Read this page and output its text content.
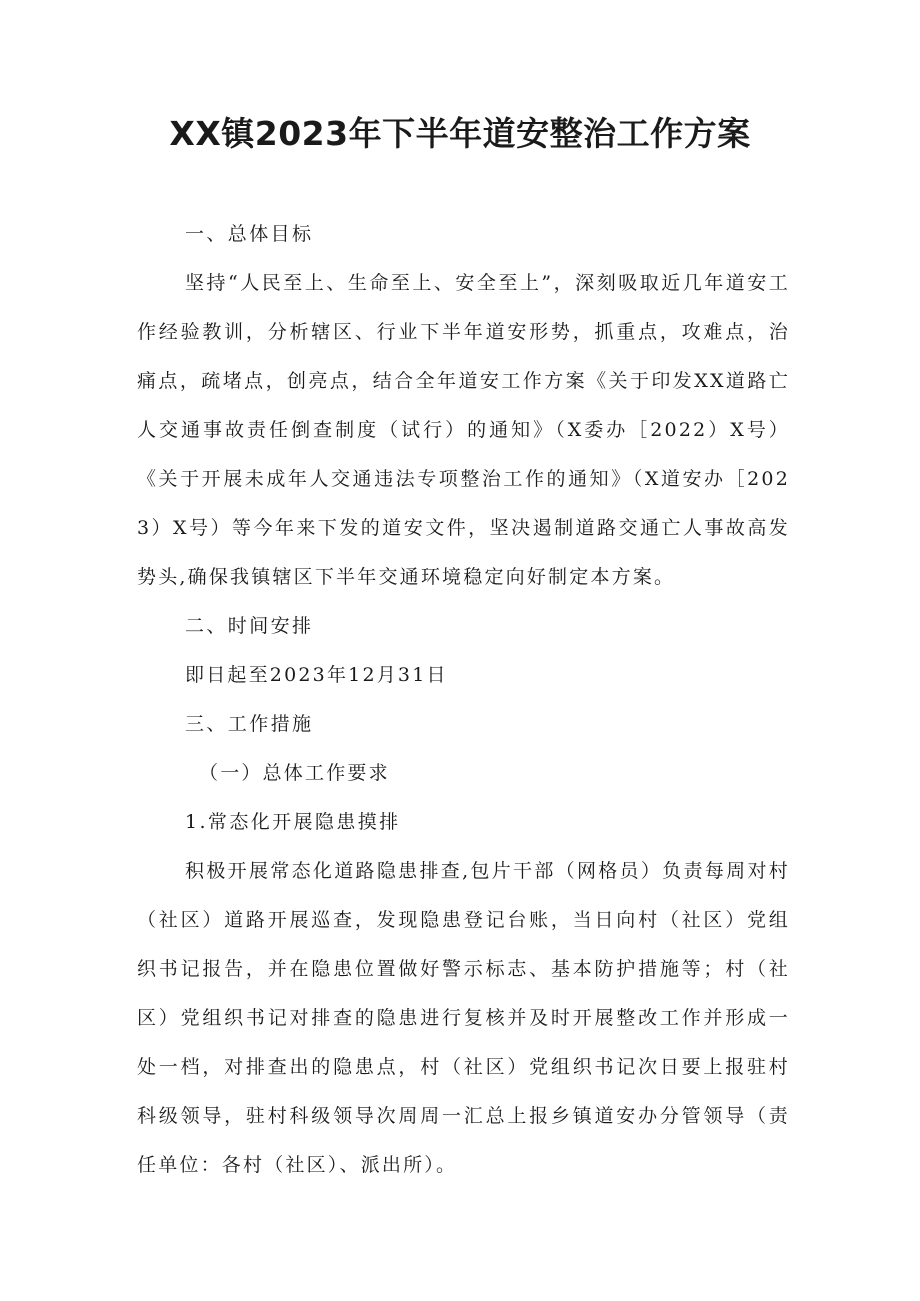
XX镇2023年下半年道安整治工作方案

一、总体目标

坚持“人民至上、生命至上、安全至上”，深刻吸取近几年道安工作经验教训，分析辖区、行业下半年道安形势，抓重点，攻难点，治痛点，疏堵点，创亮点，结合全年道安工作方案《关于印发XX道路亡人交通事故责任倒查制度（试行）的通知》（X委办［2022）X号）《关于开展未成年人交通违法专项整治工作的通知》（X道安办［2023）X号）等今年来下发的道安文件，坚决遏制道路交通亡人事故高发势头,确保我镇辖区下半年交通环境稳定向好制定本方案。

二、时间安排

即日起至2023年12月31日

三、工作措施

（一）总体工作要求

1.常态化开展隐患摸排

积极开展常态化道路隐患排查,包片干部（网格员）负责每周对村（社区）道路开展巡查，发现隐患登记台账，当日向村（社区）党组织书记报告，并在隐患位置做好警示标志、基本防护措施等；村（社区）党组织书记对排查的隐患进行复核并及时开展整改工作并形成一处一档，对排查出的隐患点，村（社区）党组织书记次日要上报驻村科级领导，驻村科级领导次周周一汇总上报乡镇道安办分管领导（责任单位：各村（社区）、派出所）。
